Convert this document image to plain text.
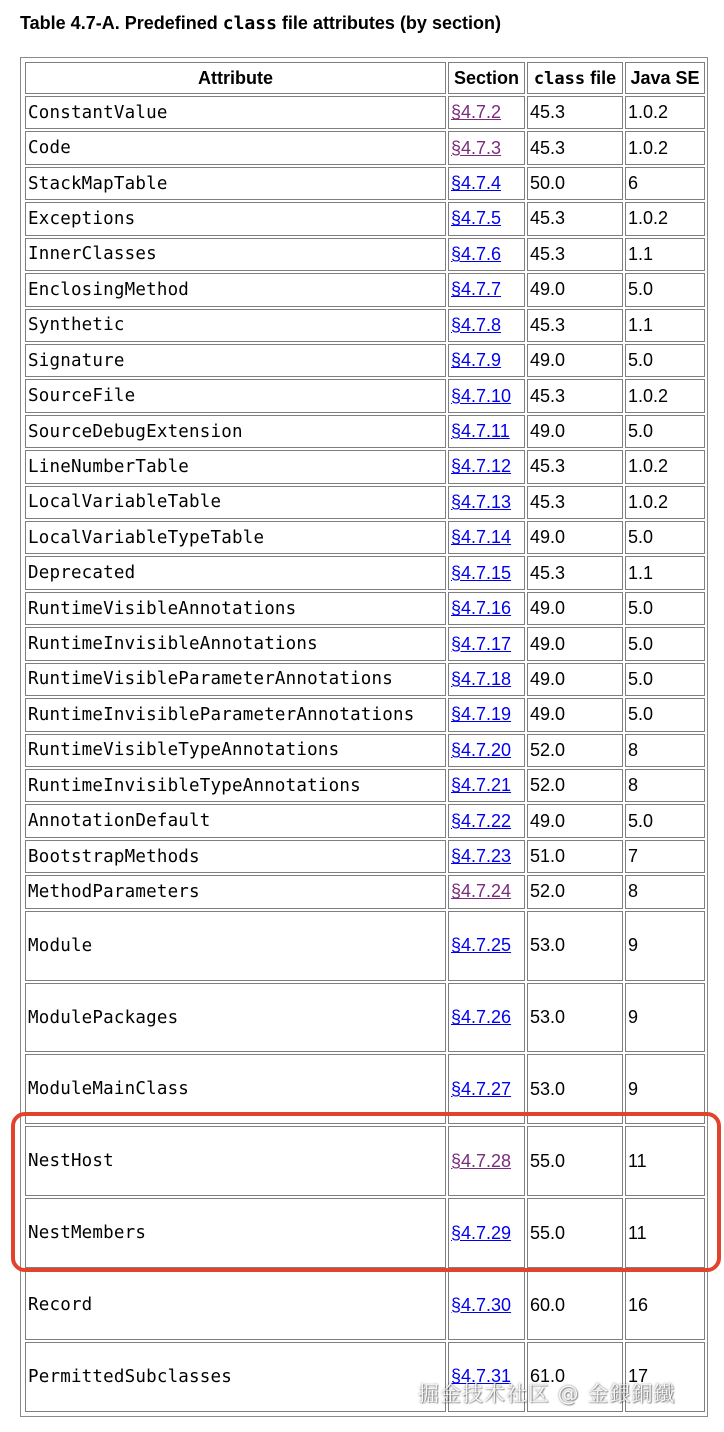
Table 4.7-A. Predefined class file attributes (by section)
Attribute	Section	class file	Java SE
ConstantValue	§4.7.2	45.3	1.0.2
Code	§4.7.3	45.3	1.0.2
StackMapTable	§4.7.4	50.0	6
Exceptions	§4.7.5	45.3	1.0.2
InnerClasses	§4.7.6	45.3	1.1
EnclosingMethod	§4.7.7	49.0	5.0
Synthetic	§4.7.8	45.3	1.1
Signature	§4.7.9	49.0	5.0
SourceFile	§4.7.10	45.3	1.0.2
SourceDebugExtension	§4.7.11	49.0	5.0
LineNumberTable	§4.7.12	45.3	1.0.2
LocalVariableTable	§4.7.13	45.3	1.0.2
LocalVariableTypeTable	§4.7.14	49.0	5.0
Deprecated	§4.7.15	45.3	1.1
RuntimeVisibleAnnotations	§4.7.16	49.0	5.0
RuntimeInvisibleAnnotations	§4.7.17	49.0	5.0
RuntimeVisibleParameterAnnotations	§4.7.18	49.0	5.0
RuntimeInvisibleParameterAnnotations	§4.7.19	49.0	5.0
RuntimeVisibleTypeAnnotations	§4.7.20	52.0	8
RuntimeInvisibleTypeAnnotations	§4.7.21	52.0	8
AnnotationDefault	§4.7.22	49.0	5.0
BootstrapMethods	§4.7.23	51.0	7
MethodParameters	§4.7.24	52.0	8
Module	§4.7.25	53.0	9
ModulePackages	§4.7.26	53.0	9
ModuleMainClass	§4.7.27	53.0	9
NestHost	§4.7.28	55.0	11
NestMembers	§4.7.29	55.0	11
Record	§4.7.30	60.0	16
PermittedSubclasses	§4.7.31	61.0	17
掘金技术社区 @ 金銀銅鐵
